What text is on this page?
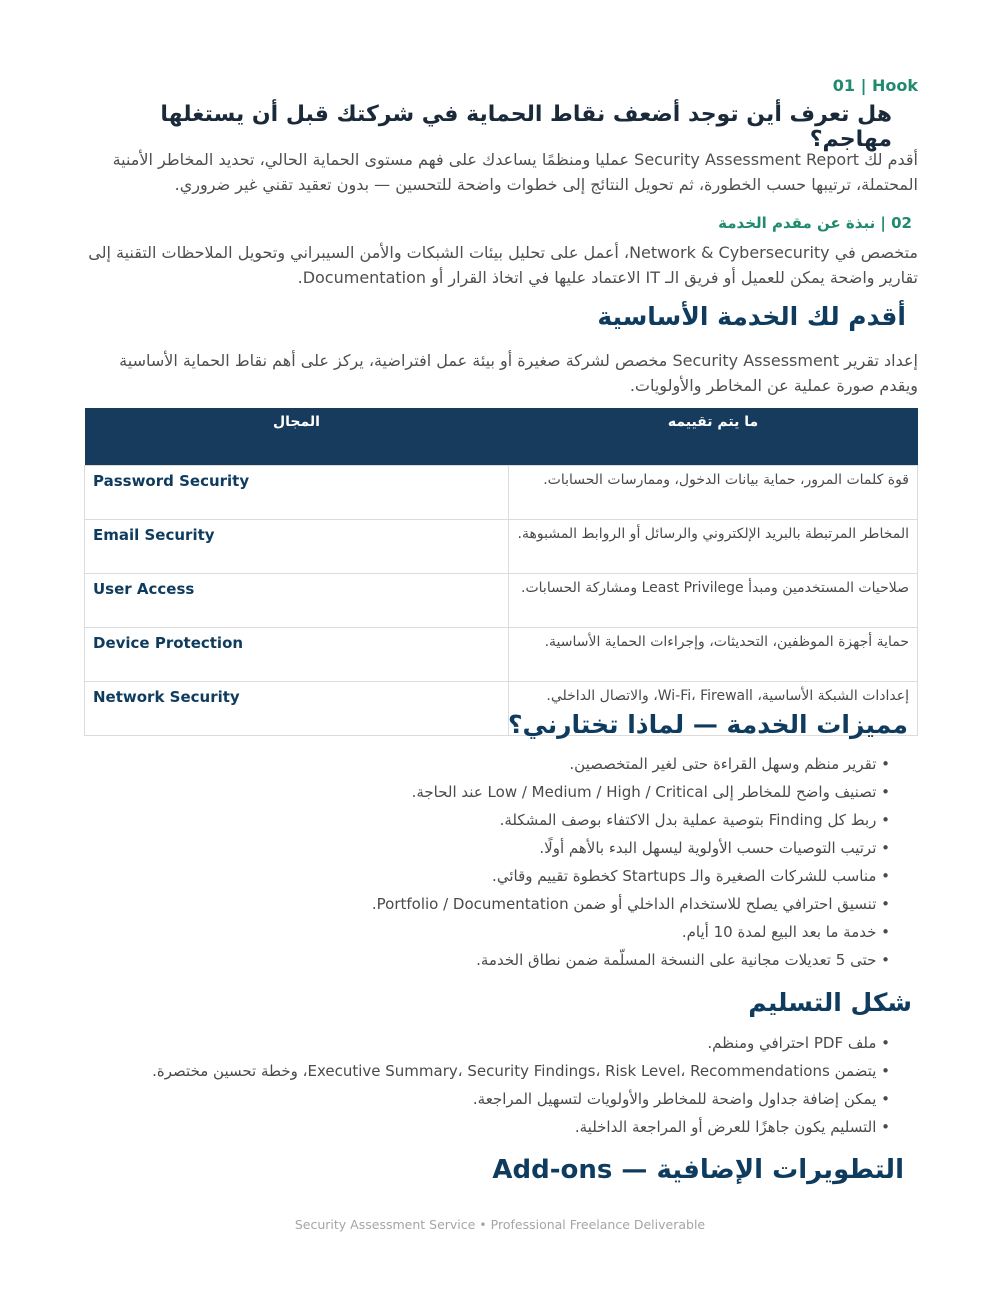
01 | Hook
هل تعرف أين توجد أضعف نقاط الحماية في شركتك قبل أن يستغلها مهاجم؟

أقدم لك Security Assessment Report عمليا ومنظمًا يساعدك على فهم مستوى الحماية الحالي، تحديد المخاطر الأمنية المحتملة، ترتيبها حسب الخطورة، ثم تحويل النتائج إلى خطوات واضحة للتحسين — بدون تعقيد تقني غير ضروري.

02 | نبذة عن مقدم الخدمة

متخصص في Network & Cybersecurity، أعمل على تحليل بيئات الشبكات والأمن السيبراني وتحويل الملاحظات التقنية إلى تقارير واضحة يمكن للعميل أو فريق الـ IT الاعتماد عليها في اتخاذ القرار أو Documentation.

أقدم لك الخدمة الأساسية

إعداد تقرير Security Assessment مخصص لشركة صغيرة أو بيئة عمل افتراضية، يركز على أهم نقاط الحماية الأساسية ويقدم صورة عملية عن المخاطر والأولويات.

ما يتم تقييمه	المجال
قوة كلمات المرور، حماية بيانات الدخول، وممارسات الحسابات.	Password Security
المخاطر المرتبطة بالبريد الإلكتروني والرسائل أو الروابط المشبوهة.	Email Security
صلاحيات المستخدمين ومبدأ Least Privilege ومشاركة الحسابات.	User Access
حماية أجهزة الموظفين، التحديثات، وإجراءات الحماية الأساسية.	Device Protection
إعدادات الشبكة الأساسية، Wi-Fi، Firewall، والاتصال الداخلي.	Network Security
مميزات الخدمة — لماذا تختارني؟
• تقرير منظم وسهل القراءة حتى لغير المتخصصين.
• تصنيف واضح للمخاطر إلى Low / Medium / High / Critical عند الحاجة.
• ربط كل Finding بتوصية عملية بدل الاكتفاء بوصف المشكلة.
• ترتيب التوصيات حسب الأولوية ليسهل البدء بالأهم أولًا.
• مناسب للشركات الصغيرة والـ Startups كخطوة تقييم وقائي.
• تنسيق احترافي يصلح للاستخدام الداخلي أو ضمن Portfolio / Documentation.
• خدمة ما بعد البيع لمدة 10 أيام.
• حتى 5 تعديلات مجانية على النسخة المسلّمة ضمن نطاق الخدمة.
شكل التسليم
• ملف PDF احترافي ومنظم.
• يتضمن Executive Summary، Security Findings، Risk Level، Recommendations، وخطة تحسين مختصرة.
• يمكن إضافة جداول واضحة للمخاطر والأولويات لتسهيل المراجعة.
• التسليم يكون جاهزًا للعرض أو المراجعة الداخلية.
التطويرات الإضافية — Add-ons
Security Assessment Service • Professional Freelance Deliverable
